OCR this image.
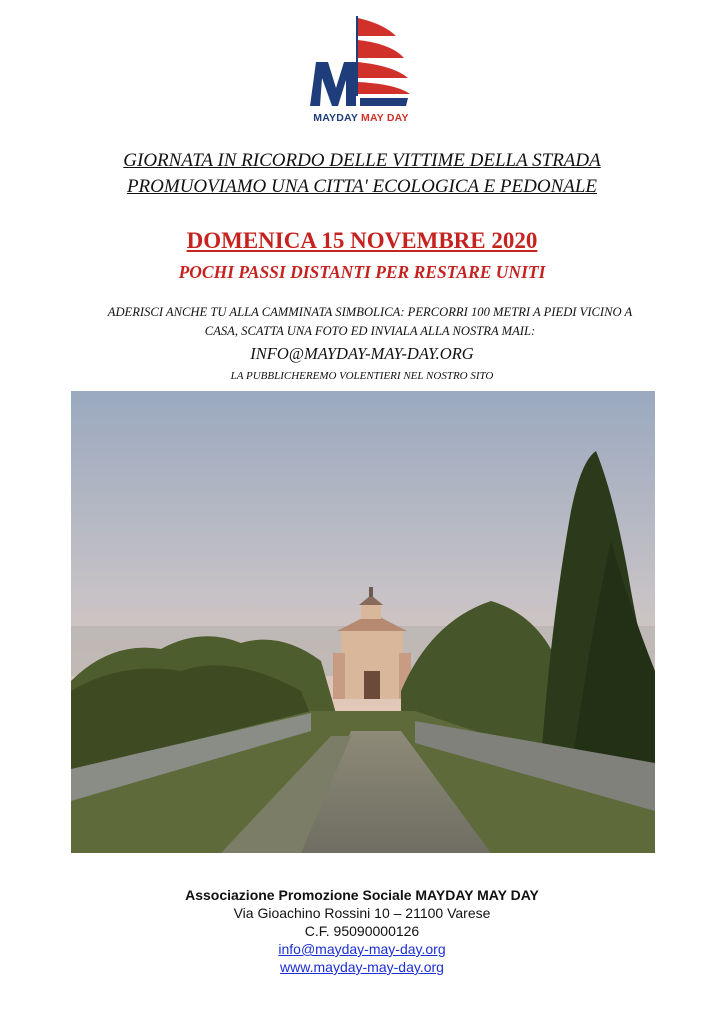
MAYDAY MAY DAY
GIORNATA IN RICORDO DELLE VITTIME DELLA STRADA
PROMUOVIAMO UNA CITTA' ECOLOGICA E PEDONALE
DOMENICA 15 NOVEMBRE 2020
POCHI PASSI DISTANTI PER RESTARE UNITI
ADERISCI ANCHE TU ALLA CAMMINATA SIMBOLICA: PERCORRI 100 METRI A PIEDI VICINO A
CASA, SCATTA UNA FOTO ED INVIALA ALLA NOSTRA MAIL:
INFO@MAYDAY-MAY-DAY.ORG
LA PUBBLICHEREMO VOLENTIERI NEL NOSTRO SITO
Associazione Promozione Sociale MAYDAY MAY DAY
Via Gioachino Rossini 10 – 21100 Varese
C.F. 95090000126
info@mayday-may-day.org
www.mayday-may-day.org
